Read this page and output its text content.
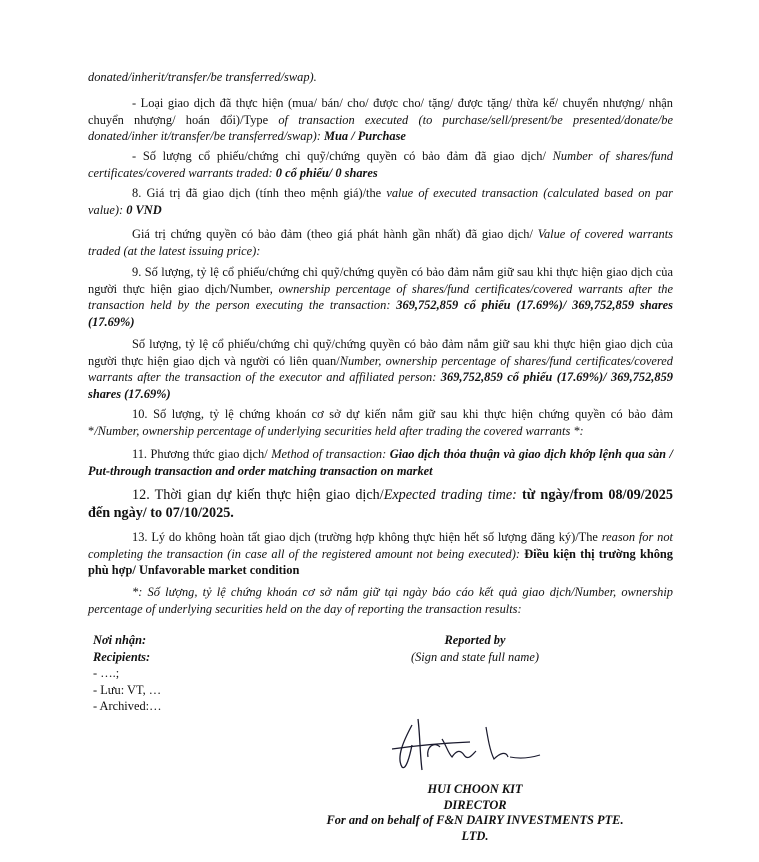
donated/inherit/transfer/be transferred/swap).

- Loại giao dịch đã thực hiện (mua/ bán/ cho/ được cho/ tặng/ được tặng/ thừa kế/ chuyển nhượng/ nhận chuyển nhượng/ hoán đổi)/Type of transaction executed (to purchase/sell/present/be presented/donate/be donated/inher it/transfer/be transferred/swap): Mua / Purchase

- Số lượng cổ phiếu/chứng chỉ quỹ/chứng quyền có bảo đảm đã giao dịch/ Number of shares/fund certificates/covered warrants traded: 0 cổ phiếu/ 0 shares

8. Giá trị đã giao dịch (tính theo mệnh giá)/the value of executed transaction (calculated based on par value): 0 VND

Giá trị chứng quyền có bảo đảm (theo giá phát hành gần nhất) đã giao dịch/ Value of covered warrants traded (at the latest issuing price):

9. Số lượng, tỷ lệ cổ phiếu/chứng chỉ quỹ/chứng quyền có bảo đảm nắm giữ sau khi thực hiện giao dịch của người thực hiện giao dịch/Number, ownership percentage of shares/fund certificates/covered warrants after the transaction held by the person executing the transaction: 369,752,859 cổ phiếu (17.69%)/ 369,752,859 shares (17.69%)

Số lượng, tỷ lệ cổ phiếu/chứng chỉ quỹ/chứng quyền có bảo đảm nắm giữ sau khi thực hiện giao dịch của người thực hiện giao dịch và người có liên quan/Number, ownership percentage of shares/fund certificates/covered warrants after the transaction of the executor and affiliated person: 369,752,859 cổ phiếu (17.69%)/ 369,752,859 shares (17.69%)

10. Số lượng, tỷ lệ chứng khoán cơ sở dự kiến nắm giữ sau khi thực hiện chứng quyền có bảo đảm */Number, ownership percentage of underlying securities held after trading the covered warrants *:

11. Phương thức giao dịch/ Method of transaction: Giao dịch thỏa thuận và giao dịch khớp lệnh qua sàn / Put-through transaction and order matching transaction on market

12. Thời gian dự kiến thực hiện giao dịch/Expected trading time: từ ngày/from 08/09/2025 đến ngày/ to 07/10/2025.

13. Lý do không hoàn tất giao dịch (trường hợp không thực hiện hết số lượng đăng ký)/The reason for not completing the transaction (in case all of the registered amount not being executed): Điều kiện thị trường không phù hợp/ Unfavorable market condition

*: Số lượng, tỷ lệ chứng khoán cơ sở nắm giữ tại ngày báo cáo kết quả giao dịch/Number, ownership percentage of underlying securities held on the day of reporting the transaction results:

Nơi nhận:
Recipients:
- ….;
- Lưu: VT, …
- Archived:…
Reported by
(Sign and state full name)
HUI CHOON KIT
DIRECTOR
For and on behalf of F&N DAIRY INVESTMENTS PTE.
LTD.
